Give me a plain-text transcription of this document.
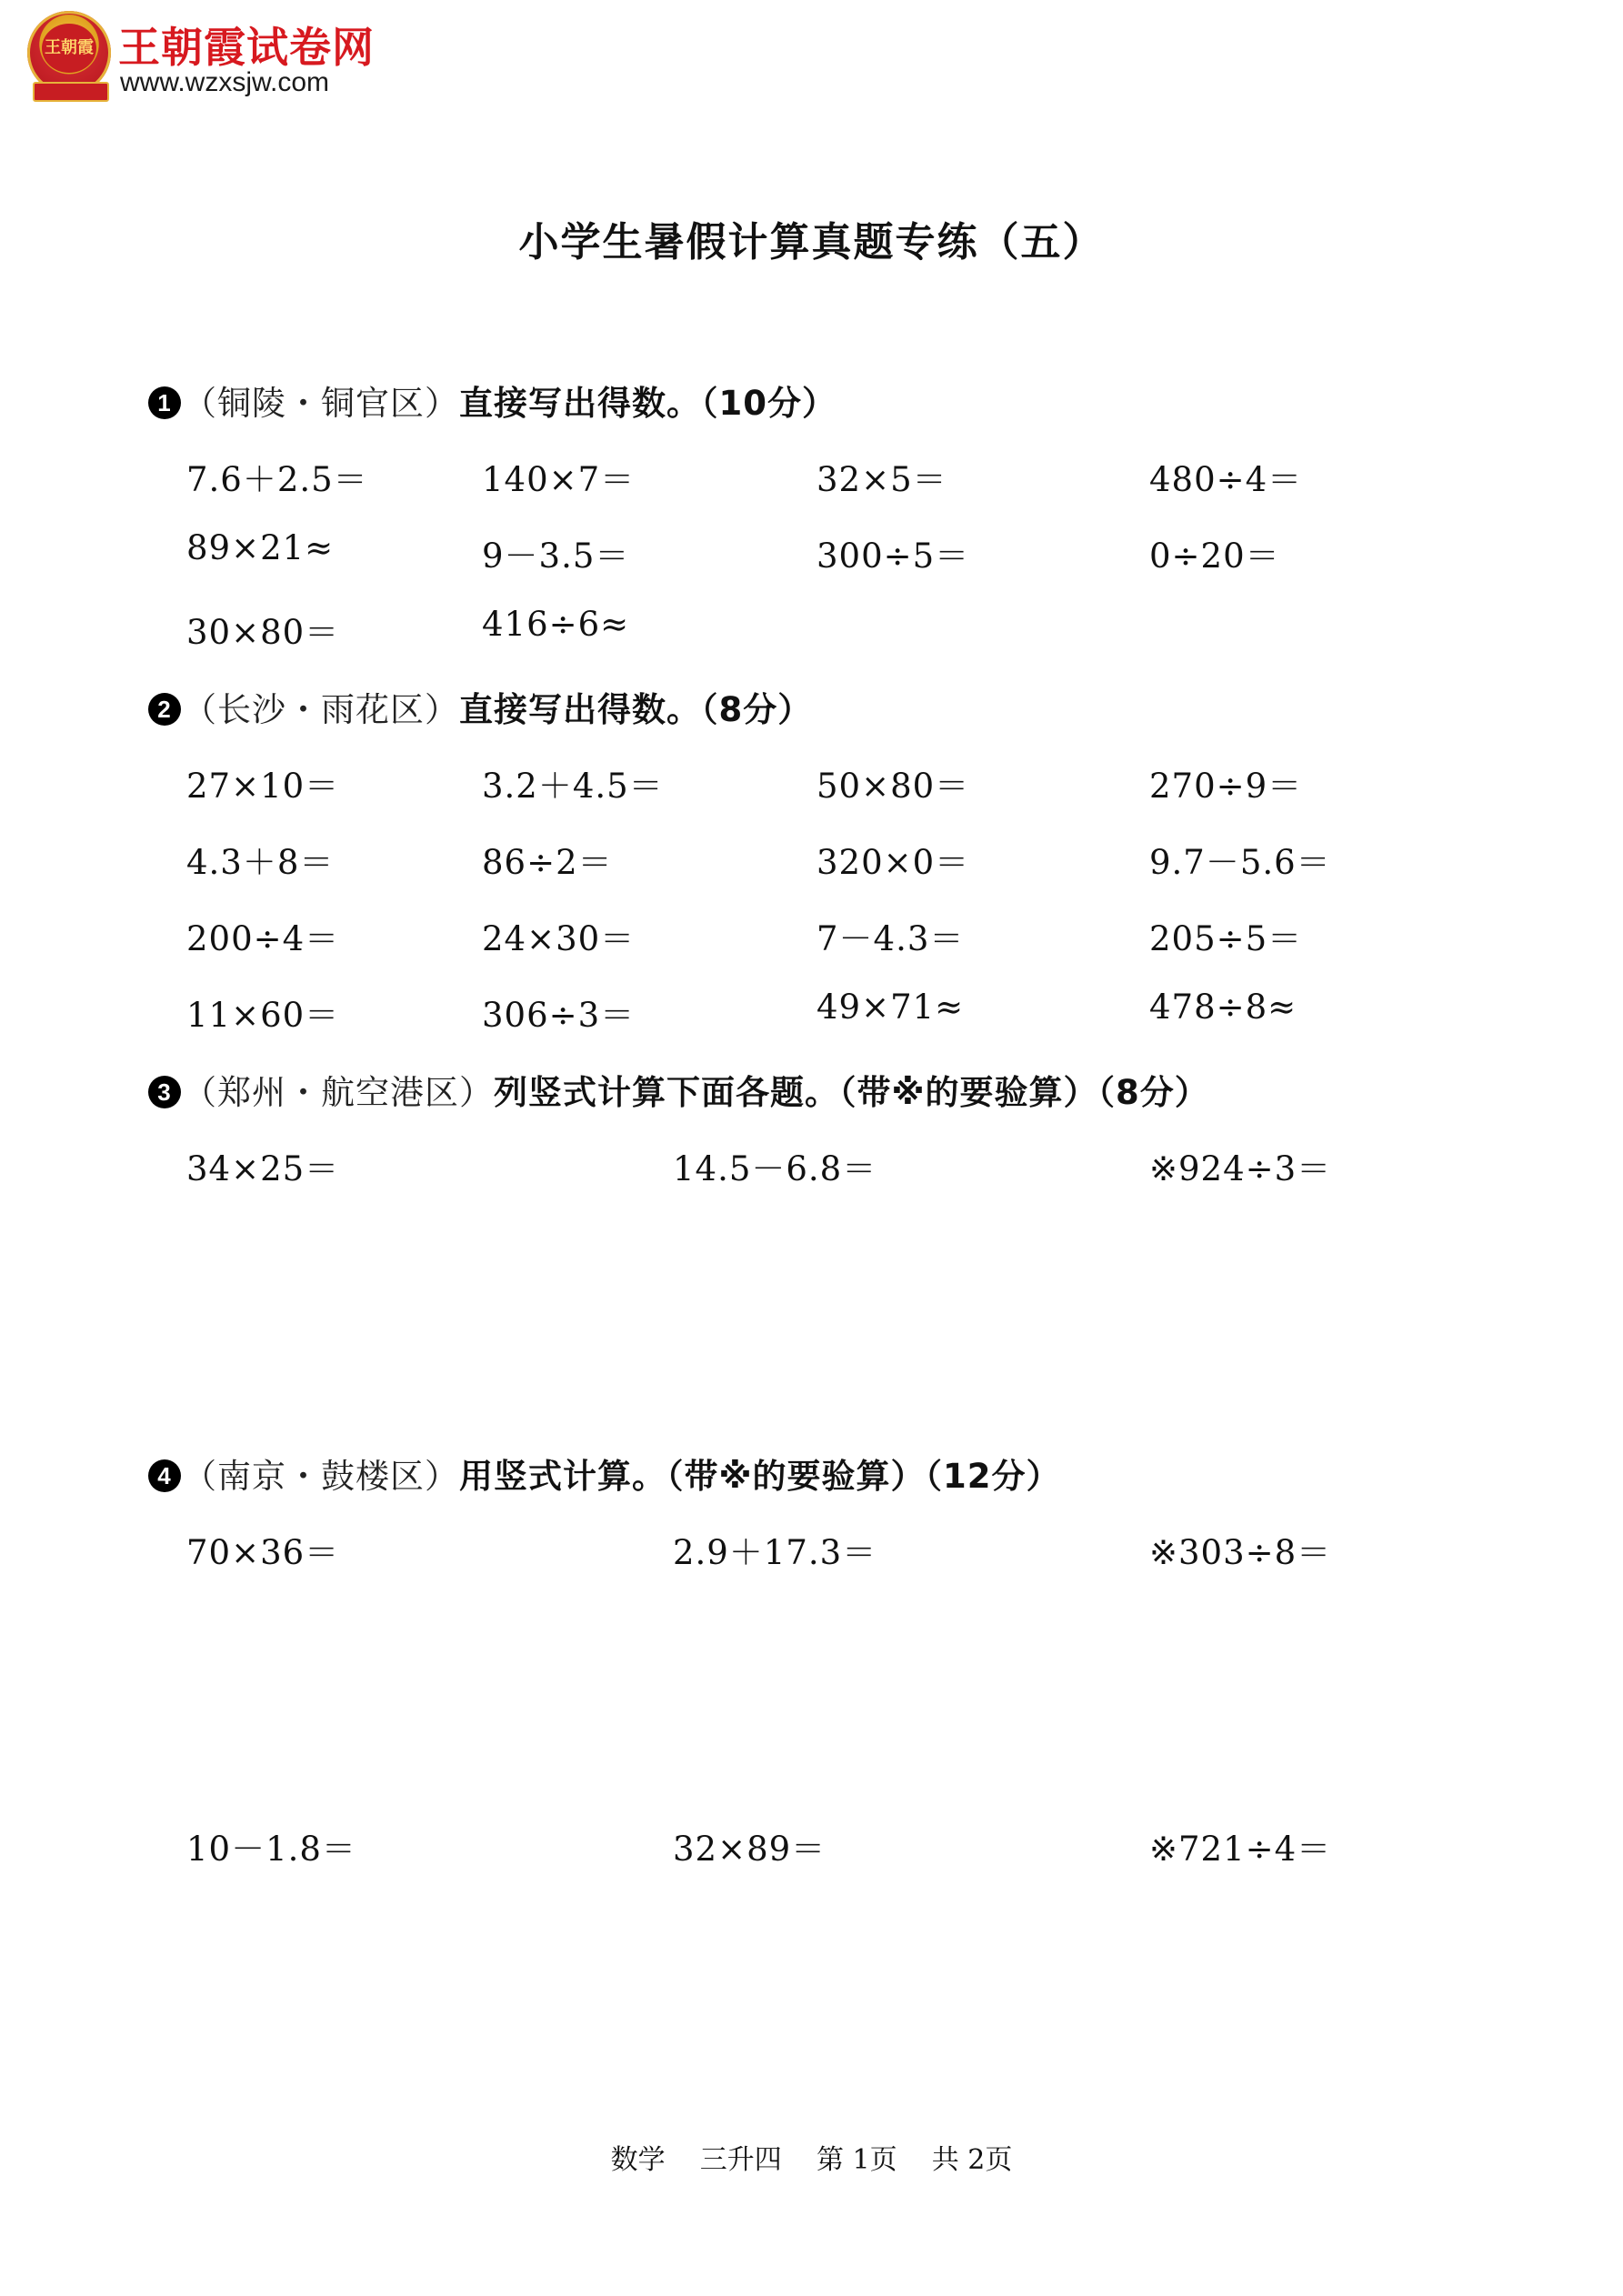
王朝霞 王朝霞试卷网
www.wzxsjw.com
小学生暑假计算真题专练（五）
1 （铜陵・铜官区）直接写出得数。（10分）
7.6＋2.5＝	140×7＝	32×5＝	480÷4＝
89×21≈	9－3.5＝	300÷5＝	0÷20＝
30×80＝	416÷6≈
2 （长沙・雨花区）直接写出得数。（8分）
27×10＝	3.2＋4.5＝	50×80＝	270÷9＝
4.3＋8＝	86÷2＝	320×0＝	9.7－5.6＝
200÷4＝	24×30＝	7－4.3＝	205÷5＝
11×60＝	306÷3＝	49×71≈	478÷8≈
3 （郑州・航空港区）列竖式计算下面各题。（带※的要验算）（8分）
34×25＝	14.5－6.8＝	※924÷3＝
4 （南京・鼓楼区）用竖式计算。（带※的要验算）（12分）
70×36＝	2.9＋17.3＝	※303÷8＝
10－1.8＝	32×89＝	※721÷4＝
数学    三升四    第 1页    共 2页
